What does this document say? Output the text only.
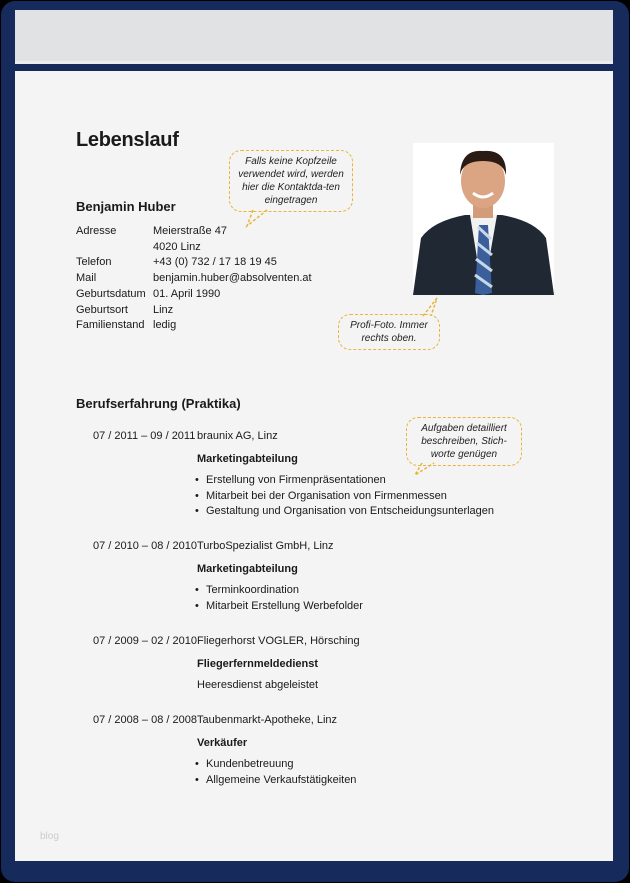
Lebenslauf
Benjamin Huber
Adresse	Meierstraße 47
4020 Linz
Telefon	+43 (0) 732 / 17 18 19 45
Mail	benjamin.huber@absolventen.at
Geburtsdatum 01. April 1990
Geburtsort Linz
Familienstand ledig
Falls keine Kopfzeile verwendet wird, werden hier die Kontaktda-ten eingetragen
Profi-Foto. Immer rechts oben.
Berufserfahrung (Praktika)
Aufgaben detailliert beschreiben, Stich-worte genügen
07 / 2011 – 09 / 2011 braunix AG, Linz
Marketingabteilung
• Erstellung von Firmenpräsentationen
• Mitarbeit bei der Organisation von Firmenmessen
• Gestaltung und Organisation von Entscheidungsunterlagen
07 / 2010 – 08 / 2010 TurboSpezialist GmbH, Linz
Marketingabteilung
• Terminkoordination
• Mitarbeit Erstellung Werbefolder
07 / 2009 – 02 / 2010 Fliegerhorst VOGLER, Hörsching
Fliegerfernmeldedienst
Heeresdienst abgeleistet
07 / 2008 – 08 / 2008 Taubenmarkt-Apotheke, Linz
Verkäufer
• Kundenbetreuung
• Allgemeine Verkaufstätigkeiten
blog
